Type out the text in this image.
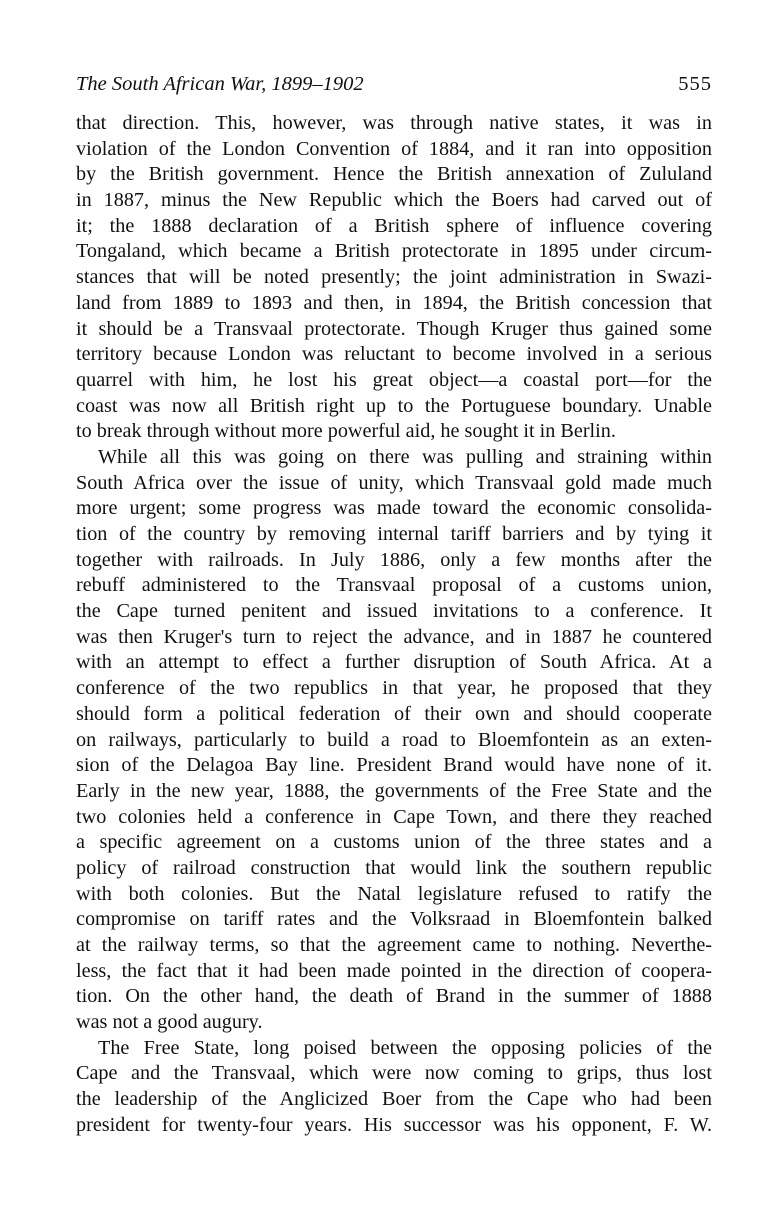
The South African War, 1899–1902	555
that direction. This, however, was through native states, it was in
violation of the London Convention of 1884, and it ran into opposition
by the British government. Hence the British annexation of Zululand
in 1887, minus the New Republic which the Boers had carved out of
it; the 1888 declaration of a British sphere of influence covering
Tongaland, which became a British protectorate in 1895 under circum-
stances that will be noted presently; the joint administration in Swazi-
land from 1889 to 1893 and then, in 1894, the British concession that
it should be a Transvaal protectorate. Though Kruger thus gained some
territory because London was reluctant to become involved in a serious
quarrel with him, he lost his great object—a coastal port—for the
coast was now all British right up to the Portuguese boundary. Unable
to break through without more powerful aid, he sought it in Berlin.
While all this was going on there was pulling and straining within
South Africa over the issue of unity, which Transvaal gold made much
more urgent; some progress was made toward the economic consolida-
tion of the country by removing internal tariff barriers and by tying it
together with railroads. In July 1886, only a few months after the
rebuff administered to the Transvaal proposal of a customs union,
the Cape turned penitent and issued invitations to a conference. It
was then Kruger's turn to reject the advance, and in 1887 he countered
with an attempt to effect a further disruption of South Africa. At a
conference of the two republics in that year, he proposed that they
should form a political federation of their own and should cooperate
on railways, particularly to build a road to Bloemfontein as an exten-
sion of the Delagoa Bay line. President Brand would have none of it.
Early in the new year, 1888, the governments of the Free State and the
two colonies held a conference in Cape Town, and there they reached
a specific agreement on a customs union of the three states and a
policy of railroad construction that would link the southern republic
with both colonies. But the Natal legislature refused to ratify the
compromise on tariff rates and the Volksraad in Bloemfontein balked
at the railway terms, so that the agreement came to nothing. Neverthe-
less, the fact that it had been made pointed in the direction of coopera-
tion. On the other hand, the death of Brand in the summer of 1888
was not a good augury.
The Free State, long poised between the opposing policies of the
Cape and the Transvaal, which were now coming to grips, thus lost
the leadership of the Anglicized Boer from the Cape who had been
president for twenty-four years. His successor was his opponent, F. W.
